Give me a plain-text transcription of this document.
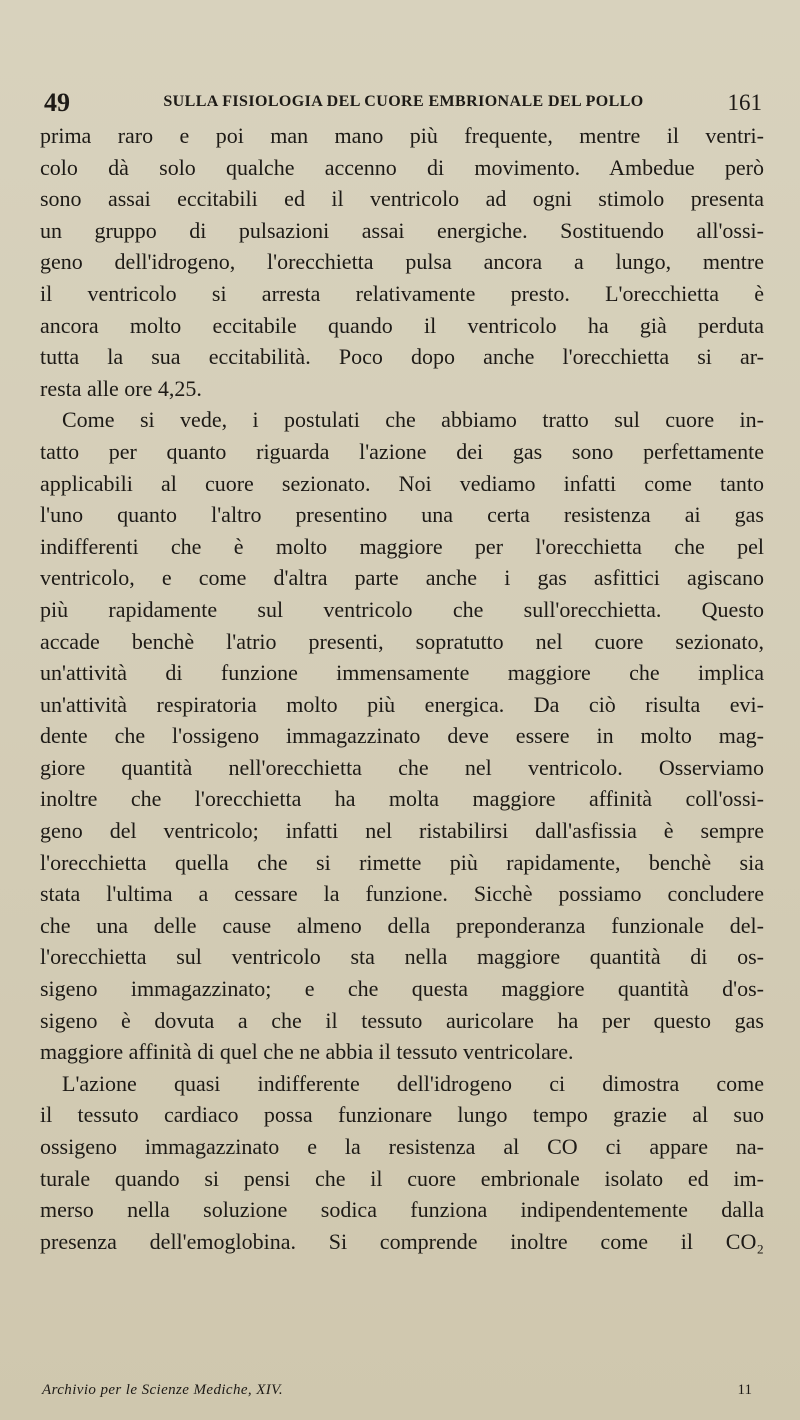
49	SULLA FISIOLOGIA DEL CUORE EMBRIONALE DEL POLLO	161
prima raro e poi man mano più frequente, mentre il ventri-
colo dà solo qualche accenno di movimento. Ambedue però
sono assai eccitabili ed il ventricolo ad ogni stimolo presenta
un gruppo di pulsazioni assai energiche. Sostituendo all'ossi-
geno dell'idrogeno, l'orecchietta pulsa ancora a lungo, mentre
il ventricolo si arresta relativamente presto. L'orecchietta è
ancora molto eccitabile quando il ventricolo ha già perduta
tutta la sua eccitabilità. Poco dopo anche l'orecchietta si ar-
resta alle ore 4,25.
Come si vede, i postulati che abbiamo tratto sul cuore in-
tatto per quanto riguarda l'azione dei gas sono perfettamente
applicabili al cuore sezionato. Noi vediamo infatti come tanto
l'uno quanto l'altro presentino una certa resistenza ai gas
indifferenti che è molto maggiore per l'orecchietta che pel
ventricolo, e come d'altra parte anche i gas asfittici agiscano
più rapidamente sul ventricolo che sull'orecchietta. Questo
accade benchè l'atrio presenti, sopratutto nel cuore sezionato,
un'attività di funzione immensamente maggiore che implica
un'attività respiratoria molto più energica. Da ciò risulta evi-
dente che l'ossigeno immagazzinato deve essere in molto mag-
giore quantità nell'orecchietta che nel ventricolo. Osserviamo
inoltre che l'orecchietta ha molta maggiore affinità coll'ossi-
geno del ventricolo; infatti nel ristabilirsi dall'asfissia è sempre
l'orecchietta quella che si rimette più rapidamente, benchè sia
stata l'ultima a cessare la funzione. Sicchè possiamo concludere
che una delle cause almeno della preponderanza funzionale del-
l'orecchietta sul ventricolo sta nella maggiore quantità di os-
sigeno immagazzinato; e che questa maggiore quantità d'os-
sigeno è dovuta a che il tessuto auricolare ha per questo gas
maggiore affinità di quel che ne abbia il tessuto ventricolare.
L'azione quasi indifferente dell'idrogeno ci dimostra come
il tessuto cardiaco possa funzionare lungo tempo grazie al suo
ossigeno immagazzinato e la resistenza al CO ci appare na-
turale quando si pensi che il cuore embrionale isolato ed im-
merso nella soluzione sodica funziona indipendentemente dalla
presenza dell'emoglobina. Si comprende inoltre come il CO₂
Archivio per le Scienze Mediche, XIV.	11
